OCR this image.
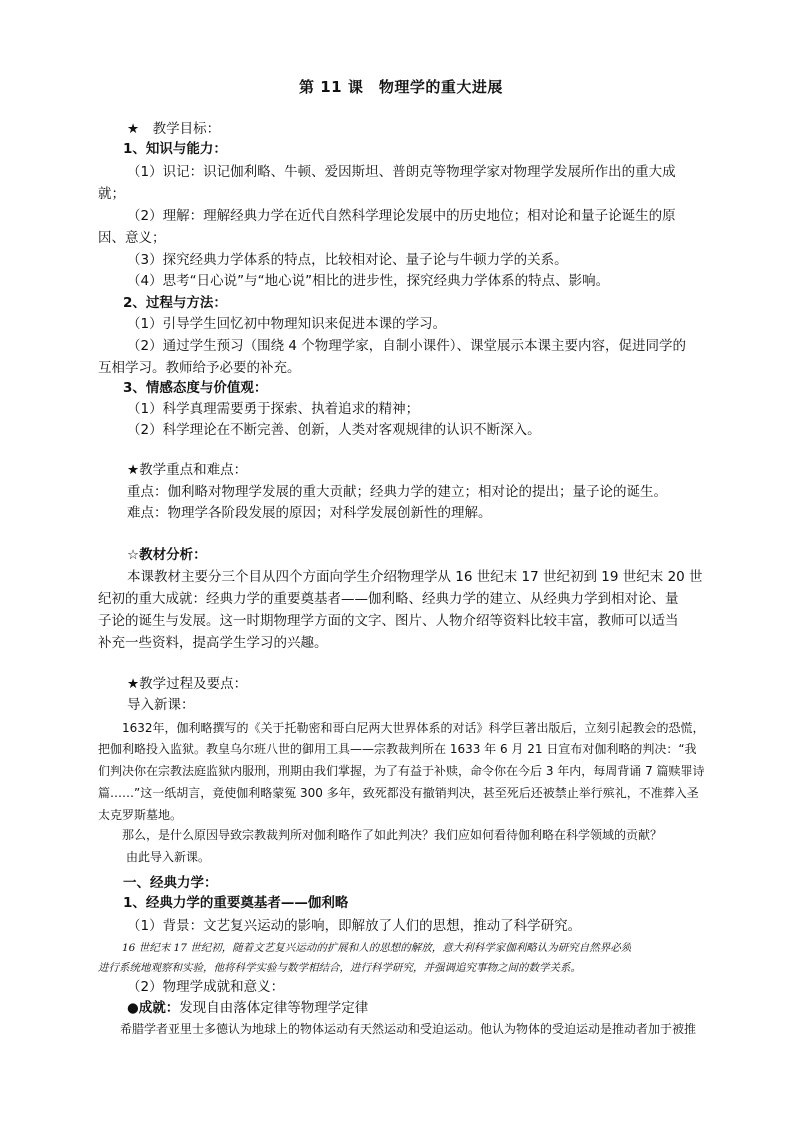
第 11 课　物理学的重大进展
★　教学目标：
1、知识与能力：
（1）识记：识记伽利略、牛顿、爱因斯坦、普朗克等物理学家对物理学发展所作出的重大成
就；
（2）理解：理解经典力学在近代自然科学理论发展中的历史地位；相对论和量子论诞生的原
因、意义；
（3）探究经典力学体系的特点，比较相对论、量子论与牛顿力学的关系。
（4）思考“日心说”与“地心说”相比的进步性，探究经典力学体系的特点、影响。
2、过程与方法：
（1）引导学生回忆初中物理知识来促进本课的学习。
（2）通过学生预习（围绕 4 个物理学家，自制小课件）、课堂展示本课主要内容，促进同学的
互相学习。教师给予必要的补充。
3、情感态度与价值观：
（1）科学真理需要勇于探索、执着追求的精神；
（2）科学理论在不断完善、创新，人类对客观规律的认识不断深入。
★教学重点和难点：
重点：伽利略对物理学发展的重大贡献；经典力学的建立；相对论的提出；量子论的诞生。
难点：物理学各阶段发展的原因；对科学发展创新性的理解。
☆教材分析：
本课教材主要分三个目从四个方面向学生介绍物理学从 16 世纪末 17 世纪初到 19 世纪末 20 世
纪初的重大成就：经典力学的重要奠基者——伽利略、经典力学的建立、从经典力学到相对论、量
子论的诞生与发展。这一时期物理学方面的文字、图片、人物介绍等资料比较丰富，教师可以适当
补充一些资料，提高学生学习的兴趣。
★教学过程及要点：
导入新课：
1632年，伽利略撰写的《关于托勒密和哥白尼两大世界体系的对话》科学巨著出版后，立刻引起教会的恐慌，
把伽利略投入监狱。教皇乌尔班八世的御用工具——宗教裁判所在 1633 年 6 月 21 日宣布对伽利略的判决：“我
们判决你在宗教法庭监狱内服刑，刑期由我们掌握，为了有益于补赎，命令你在今后 3 年内，每周背诵 7 篇赎罪诗
篇……”这一纸胡言，竟使伽利略蒙冤 300 多年，致死都没有撤销判决，甚至死后还被禁止举行殡礼，不准葬入圣
太克罗斯墓地。
那么，是什么原因导致宗教裁判所对伽利略作了如此判决？我们应如何看待伽利略在科学领域的贡献？
由此导入新课。
一、经典力学：
1、经典力学的重要奠基者——伽利略
（1）背景：文艺复兴运动的影响，即解放了人们的思想，推动了科学研究。
16 世纪末 17 世纪初，随着文艺复兴运动的扩展和人的思想的解放，意大利科学家伽利略认为研究自然界必须
进行系统地观察和实验，他将科学实验与数学相结合，进行科学研究，并强调追究事物之间的数学关系。
（2）物理学成就和意义：
●成就：发现自由落体定律等物理学定律
希腊学者亚里士多德认为地球上的物体运动有天然运动和受迫运动。他认为物体的受迫运动是推动者加于被推
